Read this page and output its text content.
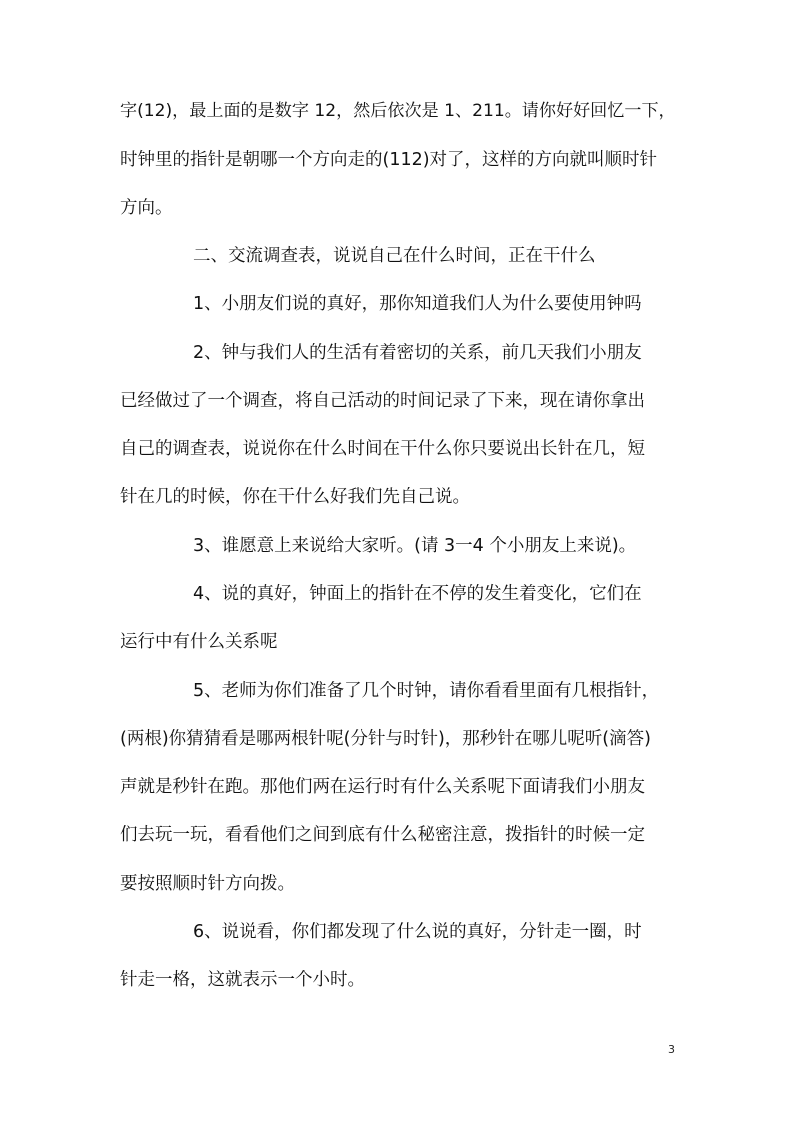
字(12)，最上面的是数字 12，然后依次是 1、211。请你好好回忆一下，
时钟里的指针是朝哪一个方向走的(112)对了，这样的方向就叫顺时针
方向。
二、交流调查表，说说自己在什么时间，正在干什么
1、小朋友们说的真好，那你知道我们人为什么要使用钟吗
2、钟与我们人的生活有着密切的关系，前几天我们小朋友
已经做过了一个调查，将自己活动的时间记录了下来，现在请你拿出
自己的调查表，说说你在什么时间在干什么你只要说出长针在几，短
针在几的时候，你在干什么好我们先自己说。
3、谁愿意上来说给大家听。(请 3一4 个小朋友上来说)。
4、说的真好，钟面上的指针在不停的发生着变化，它们在
运行中有什么关系呢
5、老师为你们准备了几个时钟，请你看看里面有几根指针，
(两根)你猜猜看是哪两根针呢(分针与时针)，那秒针在哪儿呢听(滴答)
声就是秒针在跑。那他们两在运行时有什么关系呢下面请我们小朋友
们去玩一玩，看看他们之间到底有什么秘密注意，拨指针的时候一定
要按照顺时针方向拨。
6、说说看，你们都发现了什么说的真好，分针走一圈，时
针走一格，这就表示一个小时。
3
